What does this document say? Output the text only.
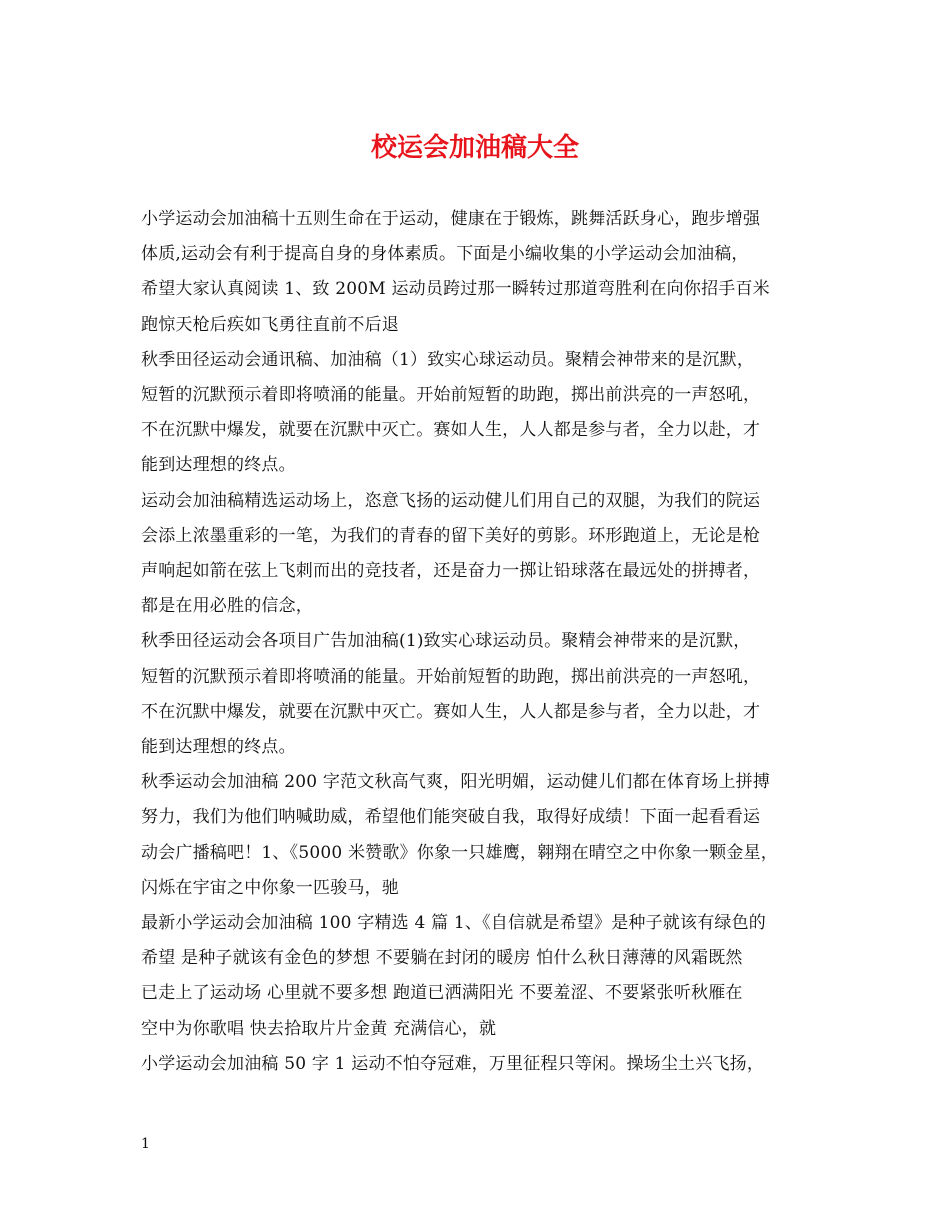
校运会加油稿大全

小学运动会加油稿十五则生命在于运动，健康在于锻炼，跳舞活跃身心，跑步增强
体质,运动会有利于提高自身的身体素质。下面是小编收集的小学运动会加油稿，
希望大家认真阅读 1、致 200M 运动员跨过那一瞬转过那道弯胜利在向你招手百米
跑惊天枪后疾如飞勇往直前不后退

秋季田径运动会通讯稿、加油稿（1）致实心球运动员。聚精会神带来的是沉默，
短暂的沉默预示着即将喷涌的能量。开始前短暂的助跑，掷出前洪亮的一声怒吼，
不在沉默中爆发，就要在沉默中灭亡。赛如人生，人人都是参与者，全力以赴，才
能到达理想的终点。

运动会加油稿精选运动场上，恣意飞扬的运动健儿们用自己的双腿，为我们的院运
会添上浓墨重彩的一笔，为我们的青春的留下美好的剪影。环形跑道上，无论是枪
声响起如箭在弦上飞刺而出的竞技者，还是奋力一掷让铅球落在最远处的拼搏者，
都是在用必胜的信念，

秋季田径运动会各项目广告加油稿(1)致实心球运动员。聚精会神带来的是沉默，
短暂的沉默预示着即将喷涌的能量。开始前短暂的助跑，掷出前洪亮的一声怒吼，
不在沉默中爆发，就要在沉默中灭亡。赛如人生，人人都是参与者，全力以赴，才
能到达理想的终点。

秋季运动会加油稿 200 字范文秋高气爽，阳光明媚，运动健儿们都在体育场上拼搏
努力，我们为他们呐喊助威，希望他们能突破自我，取得好成绩！下面一起看看运
动会广播稿吧！1、《5000 米赞歌》你象一只雄鹰，翱翔在晴空之中你象一颗金星，
闪烁在宇宙之中你象一匹骏马，驰

最新小学运动会加油稿 100 字精选 4 篇 1、《自信就是希望》是种子就该有绿色的
希望 是种子就该有金色的梦想 不要躺在封闭的暖房 怕什么秋日薄薄的风霜既然
已走上了运动场 心里就不要多想 跑道已洒满阳光 不要羞涩、不要紧张听秋雁在
空中为你歌唱 快去拾取片片金黄 充满信心，就

小学运动会加油稿 50 字 1 运动不怕夺冠难，万里征程只等闲。操场尘土兴飞扬，

1
